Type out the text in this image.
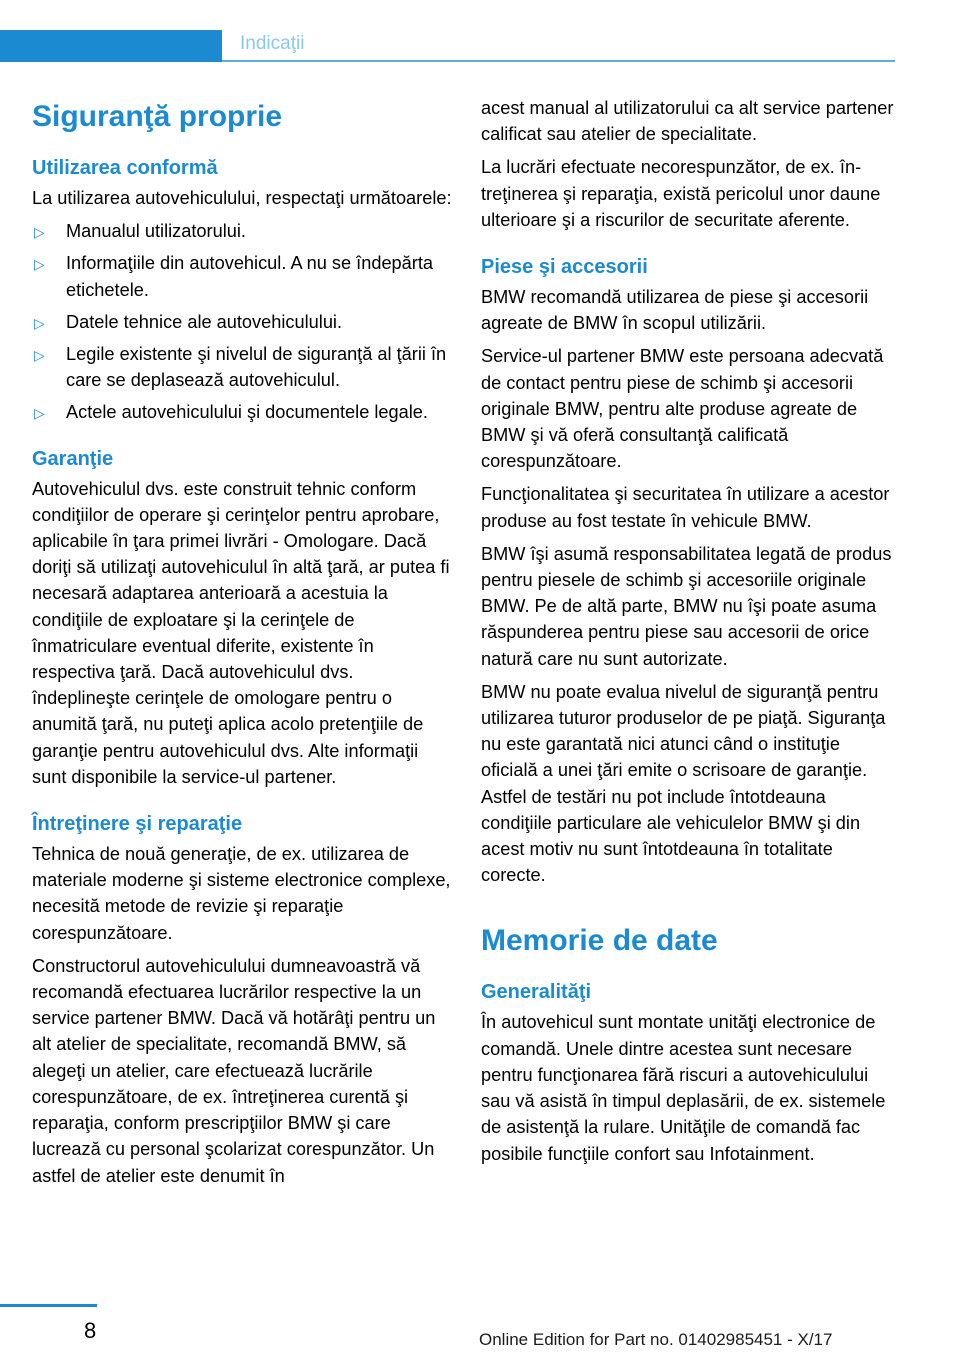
Indicaţii
Siguranţă proprie
Utilizarea conformă

La utilizarea autovehiculului, respectaţi următoarele:

▷ Manualul utilizatorului.
▷ Informaţiile din autovehicul. A nu se îndepărta etichetele.
▷ Datele tehnice ale autovehiculului.
▷ Legile existente şi nivelul de siguranţă al ţării în care se deplasează autovehiculul.
▷ Actele autovehiculului şi documentele legale.
Garanţie

Autovehiculul dvs. este construit tehnic conform condiţiilor de operare şi cerinţelor pentru aprobare, aplicabile în ţara primei livrări - Omologare. Dacă doriţi să utilizaţi autovehiculul în altă ţară, ar putea fi necesară adaptarea anterioară a acestuia la condiţiile de exploatare şi la cerinţele de înmatriculare eventual diferite, existente în respectiva ţară. Dacă autovehiculul dvs. îndeplineşte cerinţele de omologare pentru o anumită ţară, nu puteţi aplica acolo pretenţiile de garanţie pentru autovehiculul dvs. Alte informaţii sunt disponibile la service-ul partener.

Întreţinere şi reparaţie

Tehnica de nouă generaţie, de ex. utilizarea de materiale moderne şi sisteme electronice complexe, necesită metode de revizie şi reparaţie corespunzătoare.

Constructorul autovehiculului dumneavoastră vă recomandă efectuarea lucrărilor respective la un service partener BMW. Dacă vă hotărâţi pentru un alt atelier de specialitate, recomandă BMW, să alegeţi un atelier, care efectuează lucrările corespunzătoare, de ex. întreţinerea curentă şi reparaţia, conform prescripţiilor BMW şi care lucrează cu personal şcolarizat corespunzător. Un astfel de atelier este denumit în

acest manual al utilizatorului ca alt service partener calificat sau atelier de specialitate.

La lucrări efectuate necorespunzător, de ex. întreţinerea şi reparaţia, există pericolul unor daune ulterioare şi a riscurilor de securitate aferente.

Piese şi accesorii

BMW recomandă utilizarea de piese şi accesorii agreate de BMW în scopul utilizării.

Service-ul partener BMW este persoana adecvată de contact pentru piese de schimb şi accesorii originale BMW, pentru alte produse agreate de BMW şi vă oferă consultanţă calificată corespunzătoare.

Funcţionalitatea şi securitatea în utilizare a acestor produse au fost testate în vehicule BMW.

BMW îşi asumă responsabilitatea legată de produs pentru piesele de schimb şi accesoriile originale BMW. Pe de altă parte, BMW nu îşi poate asuma răspunderea pentru piese sau accesorii de orice natură care nu sunt autorizate.

BMW nu poate evalua nivelul de siguranţă pentru utilizarea tuturor produselor de pe piaţă. Siguranţa nu este garantată nici atunci când o instituţie oficială a unei ţări emite o scrisoare de garanţie. Astfel de testări nu pot include întotdeauna condiţiile particulare ale vehiculelor BMW şi din acest motiv nu sunt întotdeauna în totalitate corecte.

Memorie de date
Generalităţi

În autovehicul sunt montate unităţi electronice de comandă. Unele dintre acestea sunt necesare pentru funcţionarea fără riscuri a autovehiculului sau vă asistă în timpul deplasării, de ex. sistemele de asistenţă la rulare. Unităţile de comandă fac posibile funcţiile confort sau Infotainment.

8	Online Edition for Part no. 01402985451 - X/17
